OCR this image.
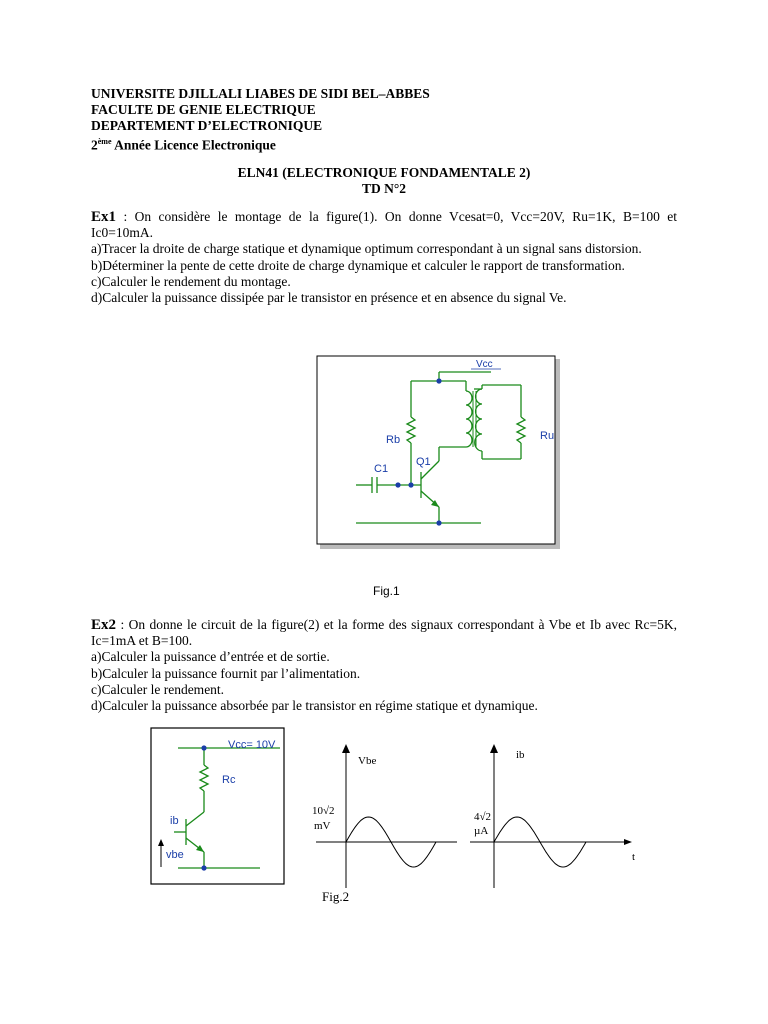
UNIVERSITE DJILLALI LIABES DE SIDI BEL–ABBES
FACULTE DE GENIE ELECTRIQUE
DEPARTEMENT D’ELECTRONIQUE
2ème Année Licence Electronique
ELN41 (ELECTRONIQUE FONDAMENTALE 2)
TD N°2

Ex1 : On considère le montage de la figure(1). On donne Vcesat=0, Vcc=20V, Ru=1K, B=100 et Ic0=10mA.

a)Tracer la droite de charge statique et dynamique optimum correspondant à un signal sans distorsion.

b)Déterminer la pente de cette droite de charge dynamique et calculer le rapport de transformation.

c)Calculer le rendement du montage.

d)Calculer la puissance dissipée par le transistor en présence et en absence du signal Ve.

Vcc
Rb	Ru
C1
Q1
Fig.1

Ex2 : On donne le circuit de la figure(2) et la forme des signaux correspondant à Vbe et Ib avec Rc=5K, Ic=1mA et B=100.

a)Calculer la puissance d’entrée et de sortie.

b)Calculer la puissance fournit par l’alimentation.

c)Calculer le rendement.

d)Calculer la puissance absorbée par le transistor en régime statique et dynamique.

Vcc= 10V
Rc
ib
vbe
Vbe
10√2
mV
ib
4√2
µA
t
Fig.2
